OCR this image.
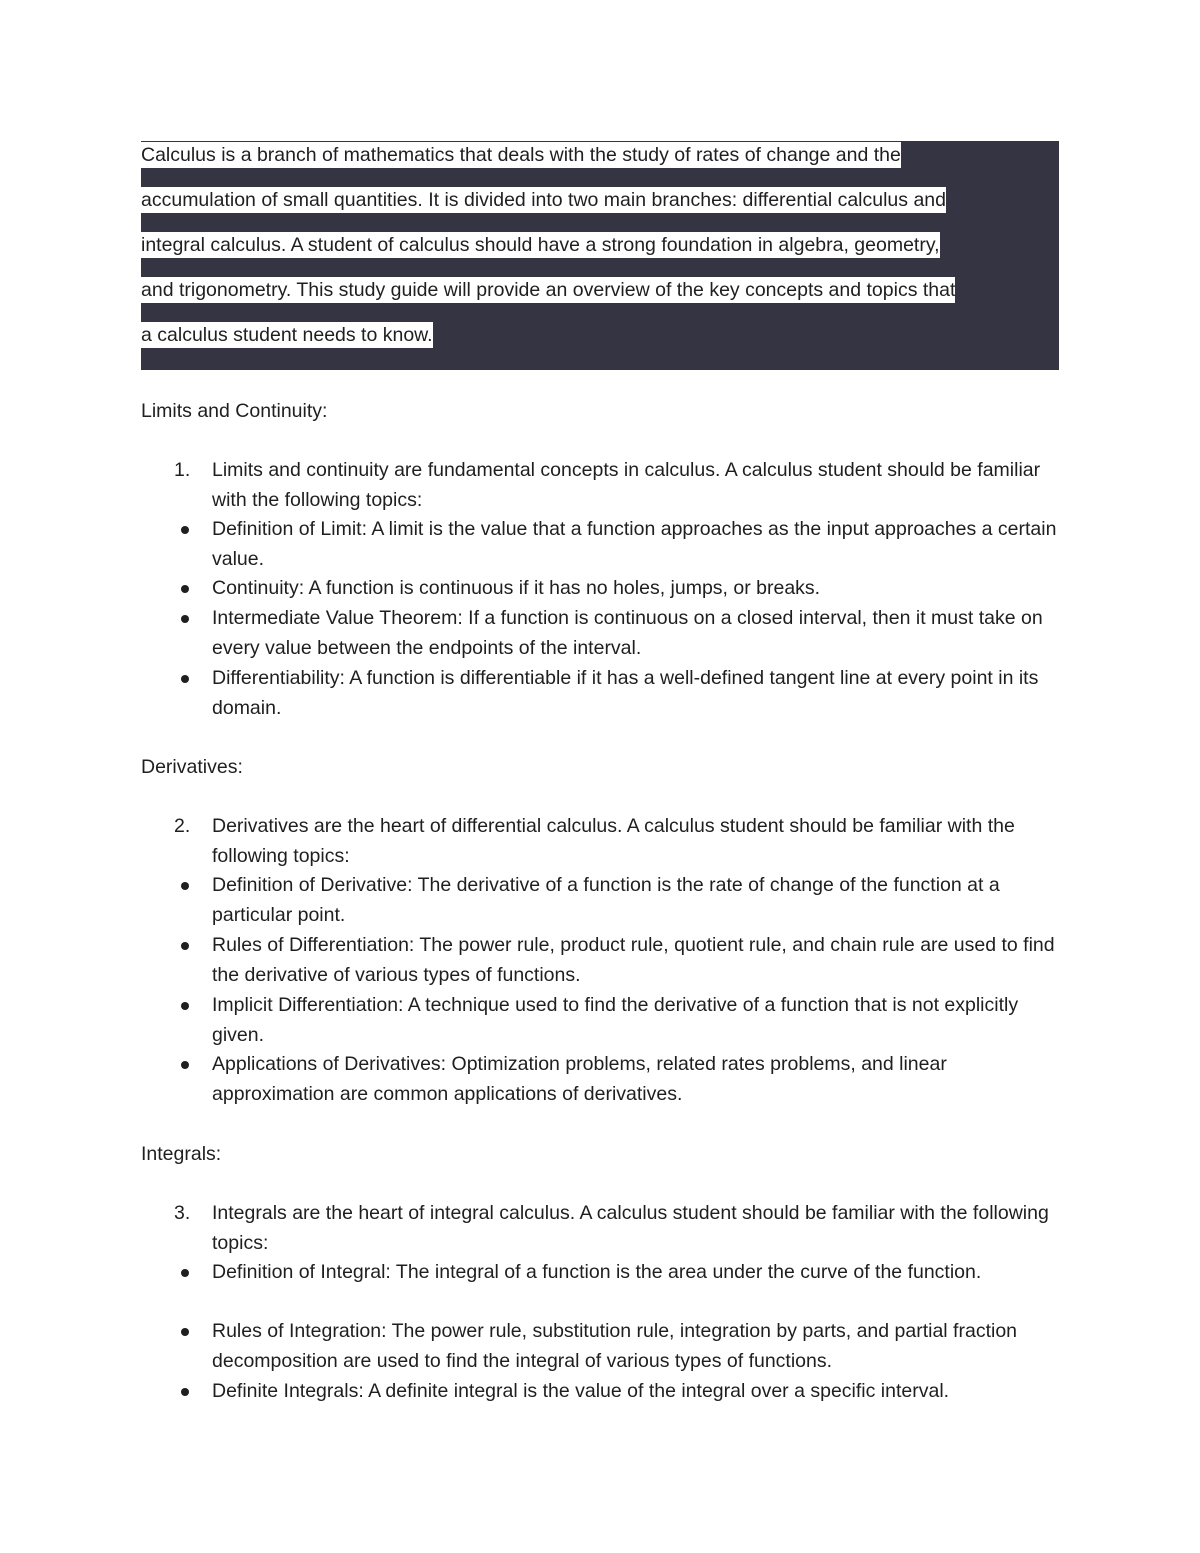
Calculus is a branch of mathematics that deals with the study of rates of change and the
accumulation of small quantities. It is divided into two main branches: differential calculus and
integral calculus. A student of calculus should have a strong foundation in algebra, geometry,
and trigonometry. This study guide will provide an overview of the key concepts and topics that
a calculus student needs to know.
Limits and Continuity:
1.	Limits and continuity are fundamental concepts in calculus. A calculus student should be familiar with the following topics:
Definition of Limit: A limit is the value that a function approaches as the input approaches a certain value.
Continuity: A function is continuous if it has no holes, jumps, or breaks.
Intermediate Value Theorem: If a function is continuous on a closed interval, then it must take on every value between the endpoints of the interval.
Differentiability: A function is differentiable if it has a well-defined tangent line at every point in its domain.
Derivatives:
2.	Derivatives are the heart of differential calculus. A calculus student should be familiar with the following topics:
Definition of Derivative: The derivative of a function is the rate of change of the function at a particular point.
Rules of Differentiation: The power rule, product rule, quotient rule, and chain rule are used to find the derivative of various types of functions.
Implicit Differentiation: A technique used to find the derivative of a function that is not explicitly given.
Applications of Derivatives: Optimization problems, related rates problems, and linear approximation are common applications of derivatives.
Integrals:
3.	Integrals are the heart of integral calculus. A calculus student should be familiar with the following topics:
Definition of Integral: The integral of a function is the area under the curve of the function.
Rules of Integration: The power rule, substitution rule, integration by parts, and partial fraction decomposition are used to find the integral of various types of functions.
Definite Integrals: A definite integral is the value of the integral over a specific interval.
